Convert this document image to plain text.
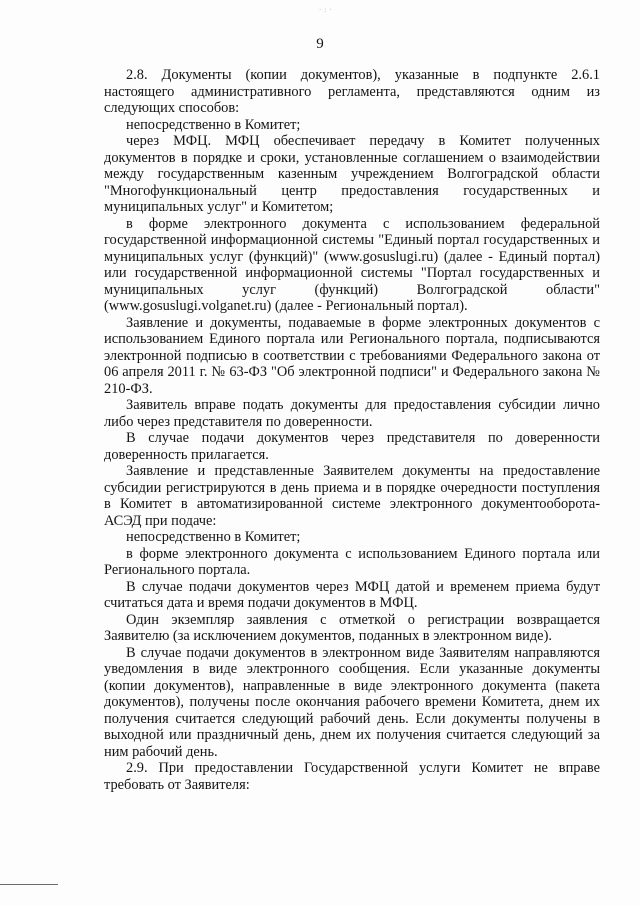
·:·
9

2.8. Документы (копии документов), указанные в подпункте 2.6.1 настоящего административного регламента, представляются одним из следующих способов:

непосредственно в Комитет;

через МФЦ. МФЦ обеспечивает передачу в Комитет полученных документов в порядке и сроки, установленные соглашением о взаимодействии между государственным казенным учреждением Волгоградской области "Многофункциональный центр предоставления государственных и муниципальных услуг" и Комитетом;

в форме электронного документа с использованием федеральной государственной информационной системы "Единый портал государственных и муниципальных услуг (функций)" (www.gosuslugi.ru) (далее - Единый портал) или государственной информационной системы "Портал государственных и муниципальных услуг (функций) Волгоградской области" (www.gosuslugi.volganet.ru) (далее - Региональный портал).

Заявление и документы, подаваемые в форме электронных документов с использованием Единого портала или Регионального портала, подписываются электронной подписью в соответствии с требованиями Федерального закона от 06 апреля 2011 г. № 63-ФЗ "Об электронной подписи" и Федерального закона № 210-ФЗ.

Заявитель вправе подать документы для предоставления субсидии лично либо через представителя по доверенности.

В случае подачи документов через представителя по доверенности доверенность прилагается.

Заявление и представленные Заявителем документы на предоставление субсидии регистрируются в день приема и в порядке очередности поступления в Комитет в автоматизированной системе электронного документооборота- АСЭД при подаче:

непосредственно в Комитет;

в форме электронного документа с использованием Единого портала или Регионального портала.

В случае подачи документов через МФЦ датой и временем приема будут считаться дата и время подачи документов в МФЦ.

Один экземпляр заявления с отметкой о регистрации возвращается Заявителю (за исключением документов, поданных в электронном виде).

В случае подачи документов в электронном виде Заявителям направляются уведомления в виде электронного сообщения. Если указанные документы (копии документов), направленные в виде электронного документа (пакета документов), получены после окончания рабочего времени Комитета, днем их получения считается следующий рабочий день. Если документы получены в выходной или праздничный день, днем их получения считается следующий за ним рабочий день.

2.9. При предоставлении Государственной услуги Комитет не вправе требовать от Заявителя:
